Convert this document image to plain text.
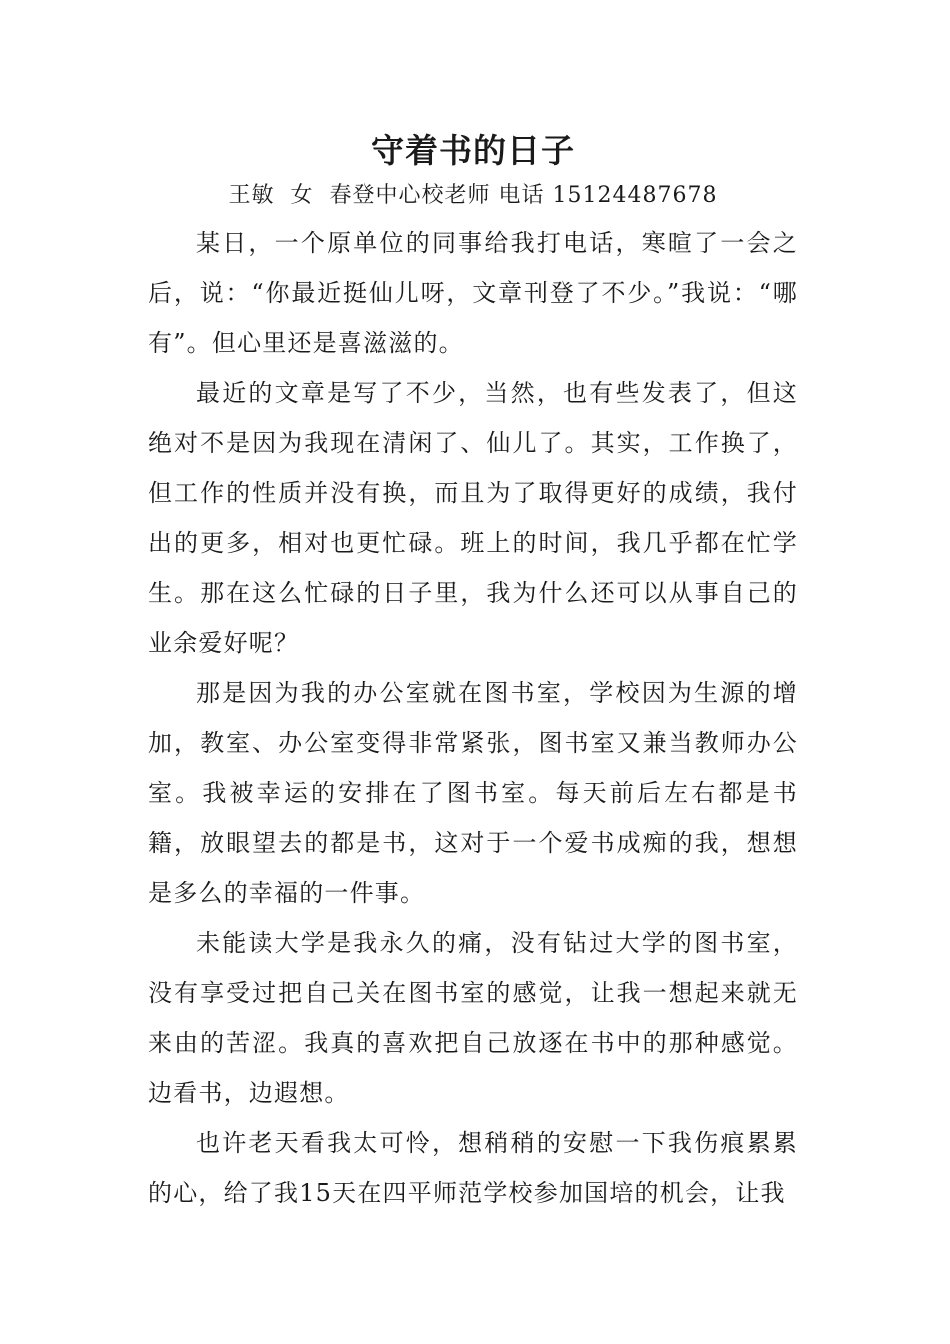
守着书的日子

王敏  女  春登中心校老师 电话 15124487678

某日，一个原单位的同事给我打电话，寒暄了一会之后，说：“你最近挺仙儿呀，文章刊登了不少。”我说：“哪有”。但心里还是喜滋滋的。

最近的文章是写了不少，当然，也有些发表了，但这绝对不是因为我现在清闲了、仙儿了。其实，工作换了，但工作的性质并没有换，而且为了取得更好的成绩，我付出的更多，相对也更忙碌。班上的时间，我几乎都在忙学生。那在这么忙碌的日子里，我为什么还可以从事自己的业余爱好呢？

那是因为我的办公室就在图书室，学校因为生源的增加，教室、办公室变得非常紧张，图书室又兼当教师办公室。我被幸运的安排在了图书室。每天前后左右都是书籍，放眼望去的都是书，这对于一个爱书成痴的我，想想是多么的幸福的一件事。

未能读大学是我永久的痛，没有钻过大学的图书室，没有享受过把自己关在图书室的感觉，让我一想起来就无来由的苦涩。我真的喜欢把自己放逐在书中的那种感觉。边看书，边遐想。

也许老天看我太可怜，想稍稍的安慰一下我伤痕累累的心，给了我15天在四平师范学校参加国培的机会，让我
